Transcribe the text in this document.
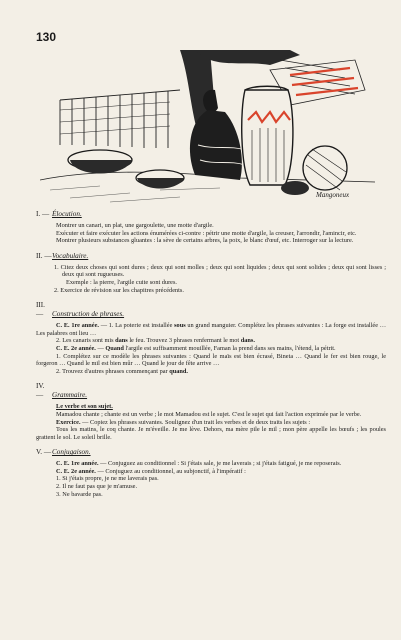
130
Mangoneux
I. — Élocution.

Montrer un canari, un plat, une gargoulette, une motte d'argile.

Exécuter et faire exécuter les actions énumérées ci-contre : pétrir une motte d'argile, la creuser, l'arrondir, l'amincir, etc.

Montrer plusieurs substances gluantes : la sève de certains arbres, la poix, le blanc d'œuf, etc. Interroger sur la lecture.

II. —Vocabulaire.

1. Citez deux choses qui sont dures ; deux qui sont molles ; deux qui sont liquides ; deux qui sont solides ; deux qui sont lisses ; deux qui sont rugueuses.

Exemple : la pierre, l'argile cuite sont dures.

2. Exercice de révision sur les chapitres précédents.

III. — Construction de phrases.

C. E. 1re année. — 1. La poterie est installée sous un grand manguier. Complétez les phrases suivantes : La forge est installée … Les palabres ont lieu …

2. Les canaris sont mis dans le feu. Trouvez 3 phrases renfermant le mot dans.

C. E. 2e année. — Quand l'argile est suffisamment mouillée, Faman la prend dans ses mains, l'étend, la pétrit.

1. Complétez sur ce modèle les phrases suivantes : Quand le maïs est bien écrasé, Bineta … Quand le fer est bien rouge, le forgeron … Quand le mil est bien mûr … Quand le jour de fête arrive …

2. Trouvez d'autres phrases commençant par quand.

IV. — Grammaire.

Le verbe et son sujet.

Mamadou chante ; chante est un verbe ; le mot Mamadou est le sujet. C'est le sujet qui fait l'action exprimée par le verbe.

Exercice. — Copiez les phrases suivantes. Soulignez d'un trait les verbes et de deux traits les sujets :

Tous les matins, le coq chante. Je m'éveille. Je me lève. Dehors, ma mère pile le mil ; mon père appelle les bœufs ; les poules grattent le sol. Le soleil brille.

V. —Conjugaison.

C. E. 1re année. — Conjuguez au conditionnel : Si j'étais sale, je me laverais ; si j'étais fatigué, je me reposerais.

C. E. 2e année. — Conjuguez au conditionnel, au subjonctif, à l'impératif :

1. Si j'étais propre, je ne me laverais pas.

2. Il ne faut pas que je m'amuse.

3. Ne bavarde pas.
